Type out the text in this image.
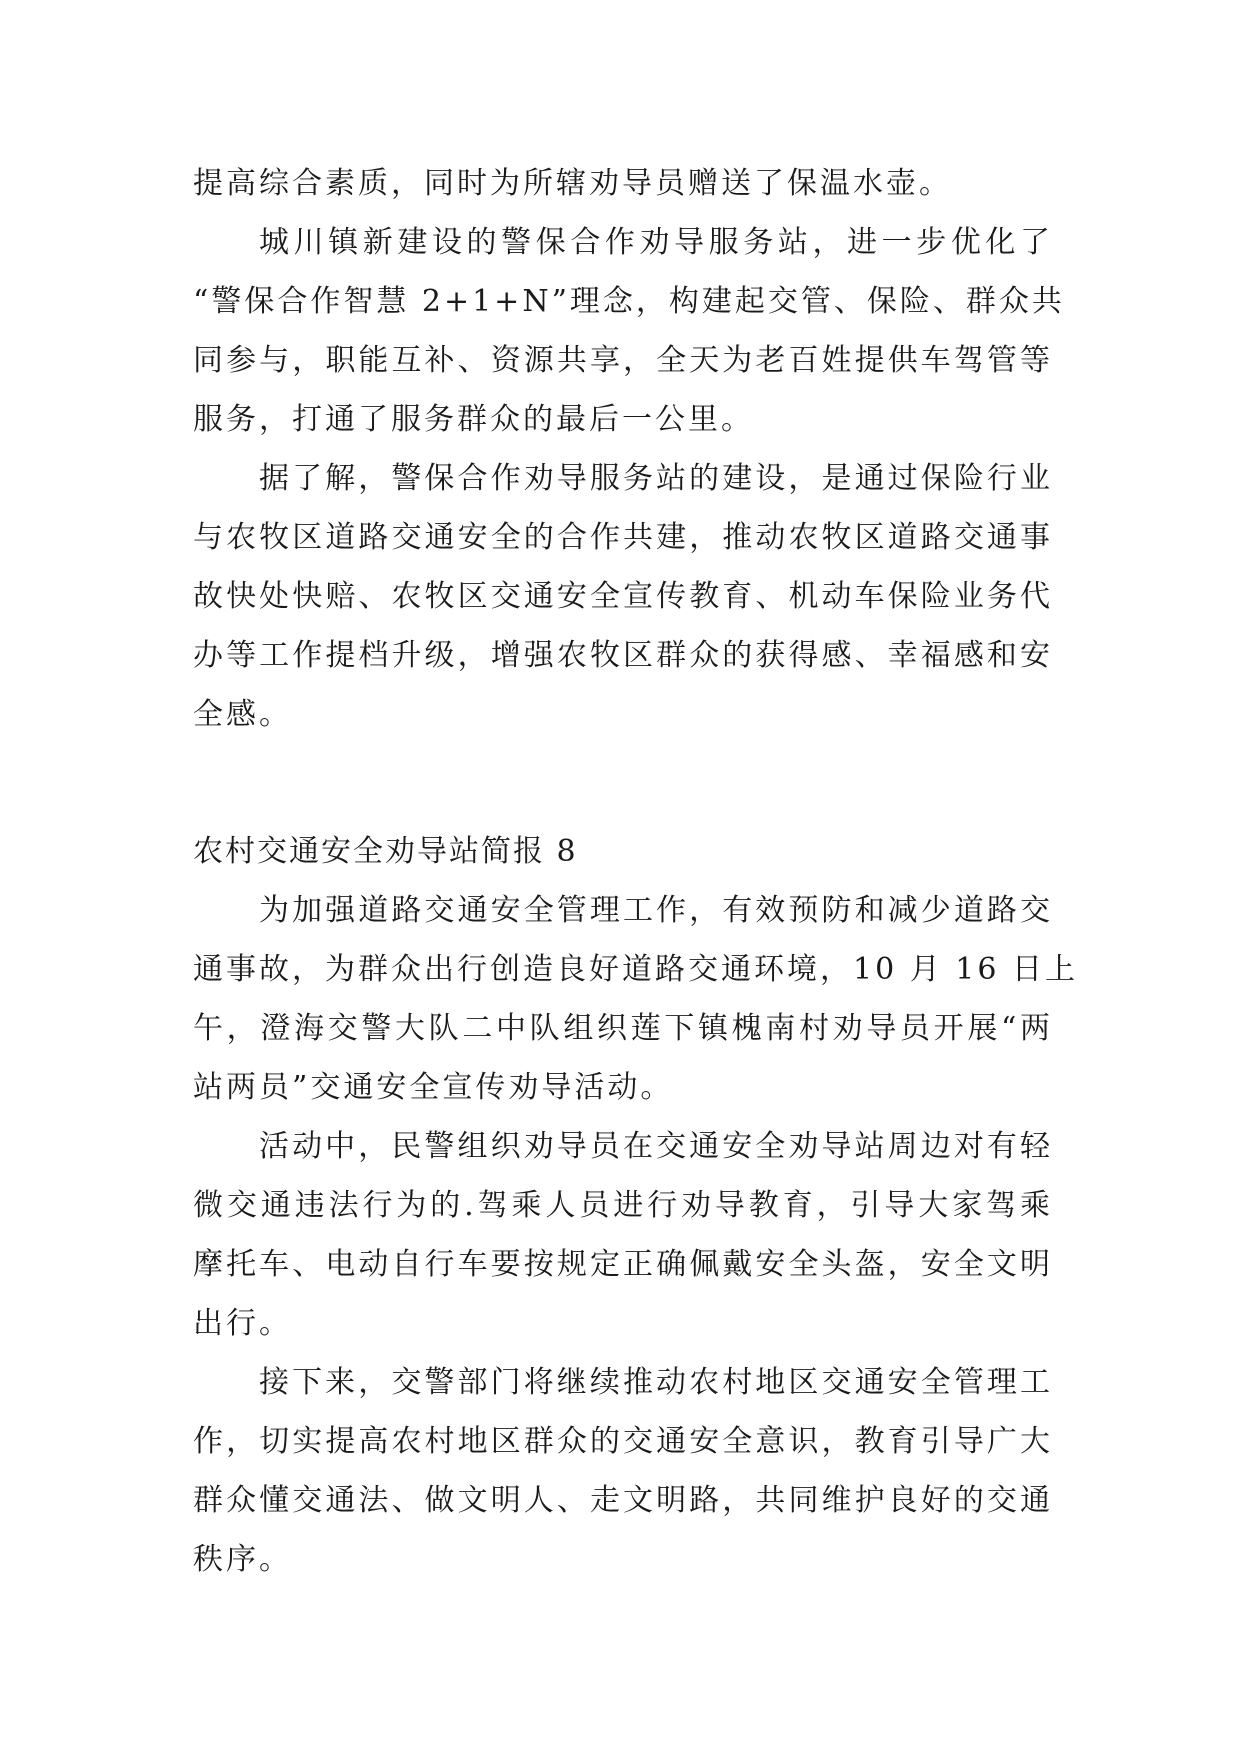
提高综合素质，同时为所辖劝导员赠送了保温水壶。
城川镇新建设的警保合作劝导服务站，进一步优化了
“警保合作智慧 2+1+N”理念，构建起交管、保险、群众共
同参与，职能互补、资源共享，全天为老百姓提供车驾管等
服务，打通了服务群众的最后一公里。
据了解，警保合作劝导服务站的建设，是通过保险行业
与农牧区道路交通安全的合作共建，推动农牧区道路交通事
故快处快赔、农牧区交通安全宣传教育、机动车保险业务代
办等工作提档升级，增强农牧区群众的获得感、幸福感和安
全感。
农村交通安全劝导站简报 8
为加强道路交通安全管理工作，有效预防和减少道路交
通事故，为群众出行创造良好道路交通环境，10 月 16 日上
午，澄海交警大队二中队组织莲下镇槐南村劝导员开展“两
站两员”交通安全宣传劝导活动。
活动中，民警组织劝导员在交通安全劝导站周边对有轻
微交通违法行为的.驾乘人员进行劝导教育，引导大家驾乘
摩托车、电动自行车要按规定正确佩戴安全头盔，安全文明
出行。
接下来，交警部门将继续推动农村地区交通安全管理工
作，切实提高农村地区群众的交通安全意识，教育引导广大
群众懂交通法、做文明人、走文明路，共同维护良好的交通
秩序。
